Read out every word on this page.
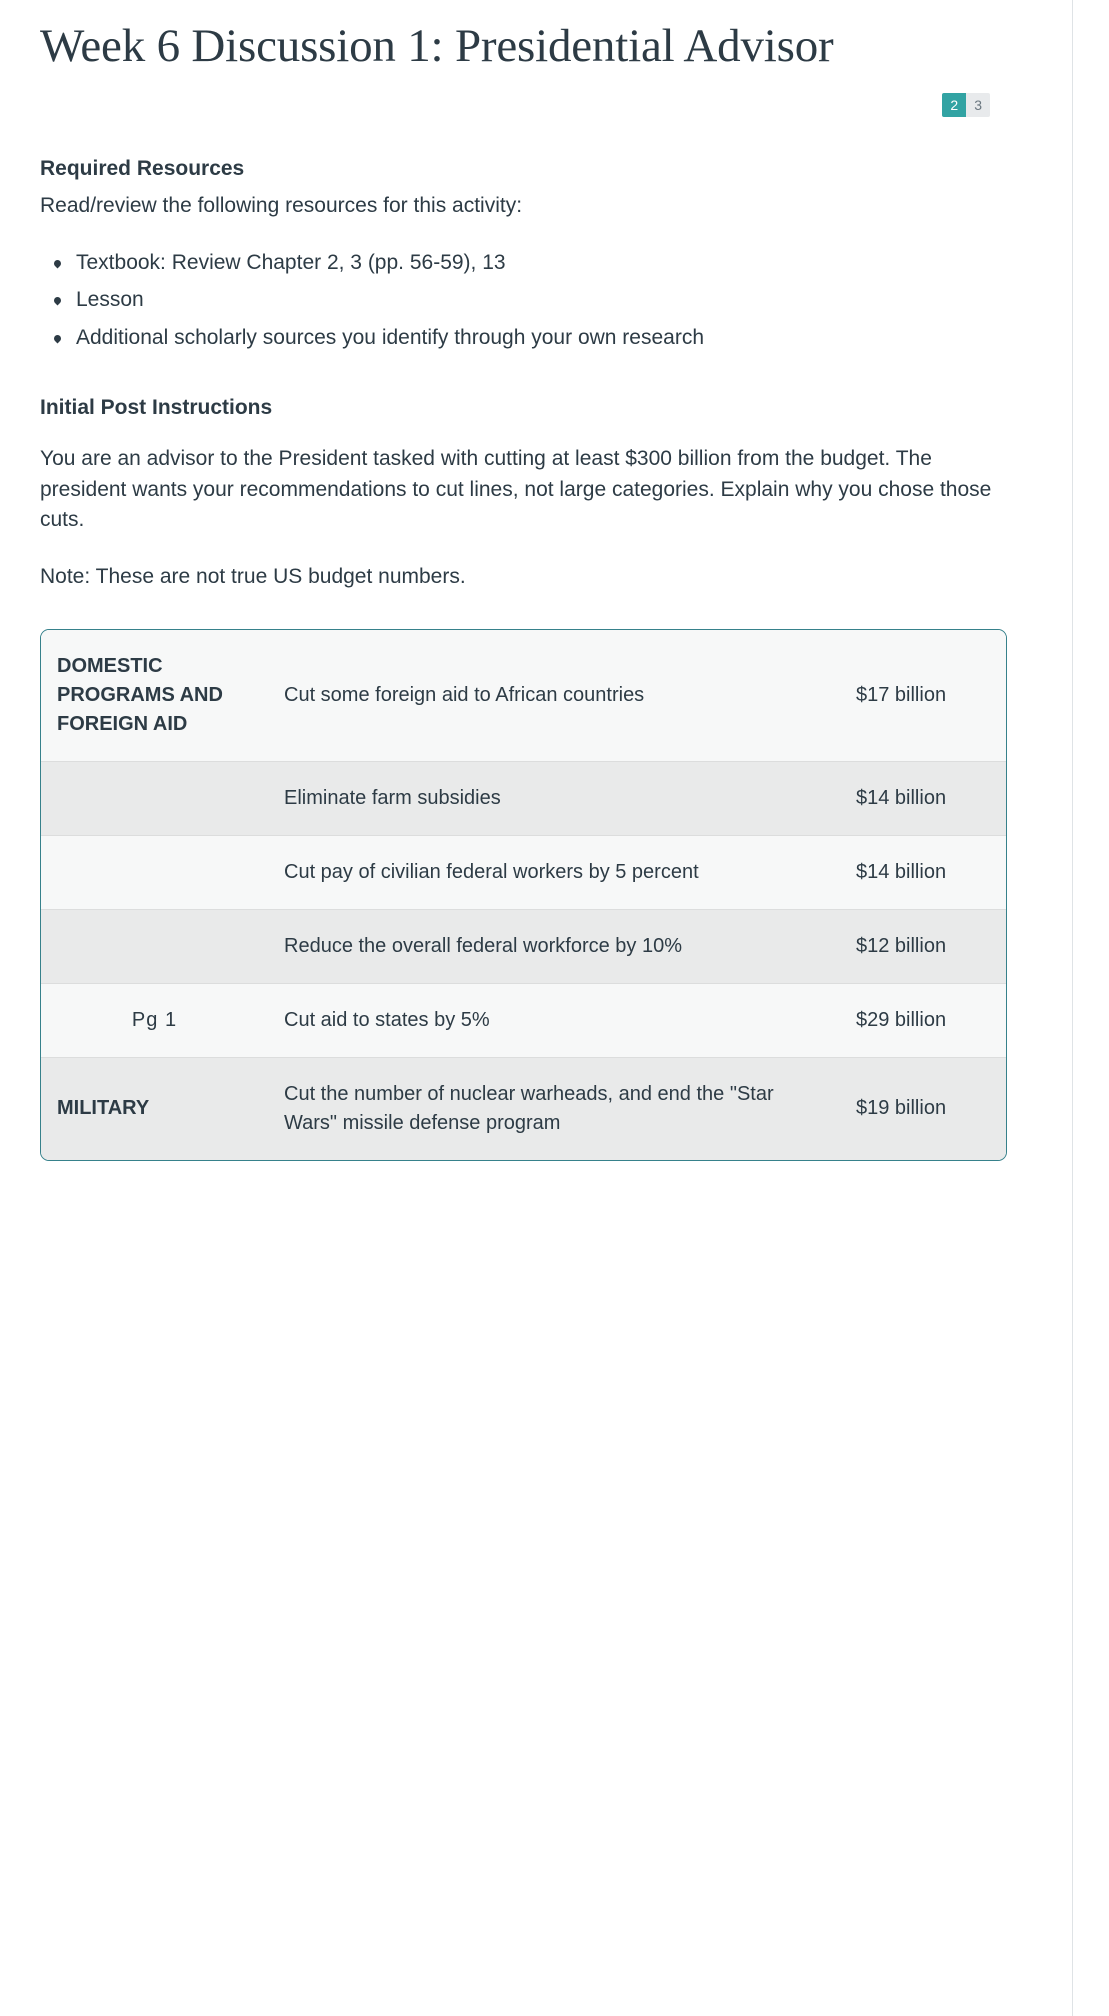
Week 6 Discussion 1: Presidential Advisor
2	3
Required Resources

Read/review the following resources for this activity:

Textbook: Review Chapter 2, 3 (pp. 56-59), 13
Lesson
Additional scholarly sources you identify through your own research
Initial Post Instructions

You are an advisor to the President tasked with cutting at least $300 billion from the budget. The president wants your recommendations to cut lines, not large categories. Explain why you chose those cuts.

Note: These are not true US budget numbers.

DOMESTIC PROGRAMS AND FOREIGN AID	Cut some foreign aid to African countries	$17 billion
	Eliminate farm subsidies	$14 billion
	Cut pay of civilian federal workers by 5 percent	$14 billion
	Reduce the overall federal workforce by 10%	$12 billion
Pg 1	Cut aid to states by 5%	$29 billion
MILITARY	Cut the number of nuclear warheads, and end the "Star Wars" missile defense program	$19 billion
